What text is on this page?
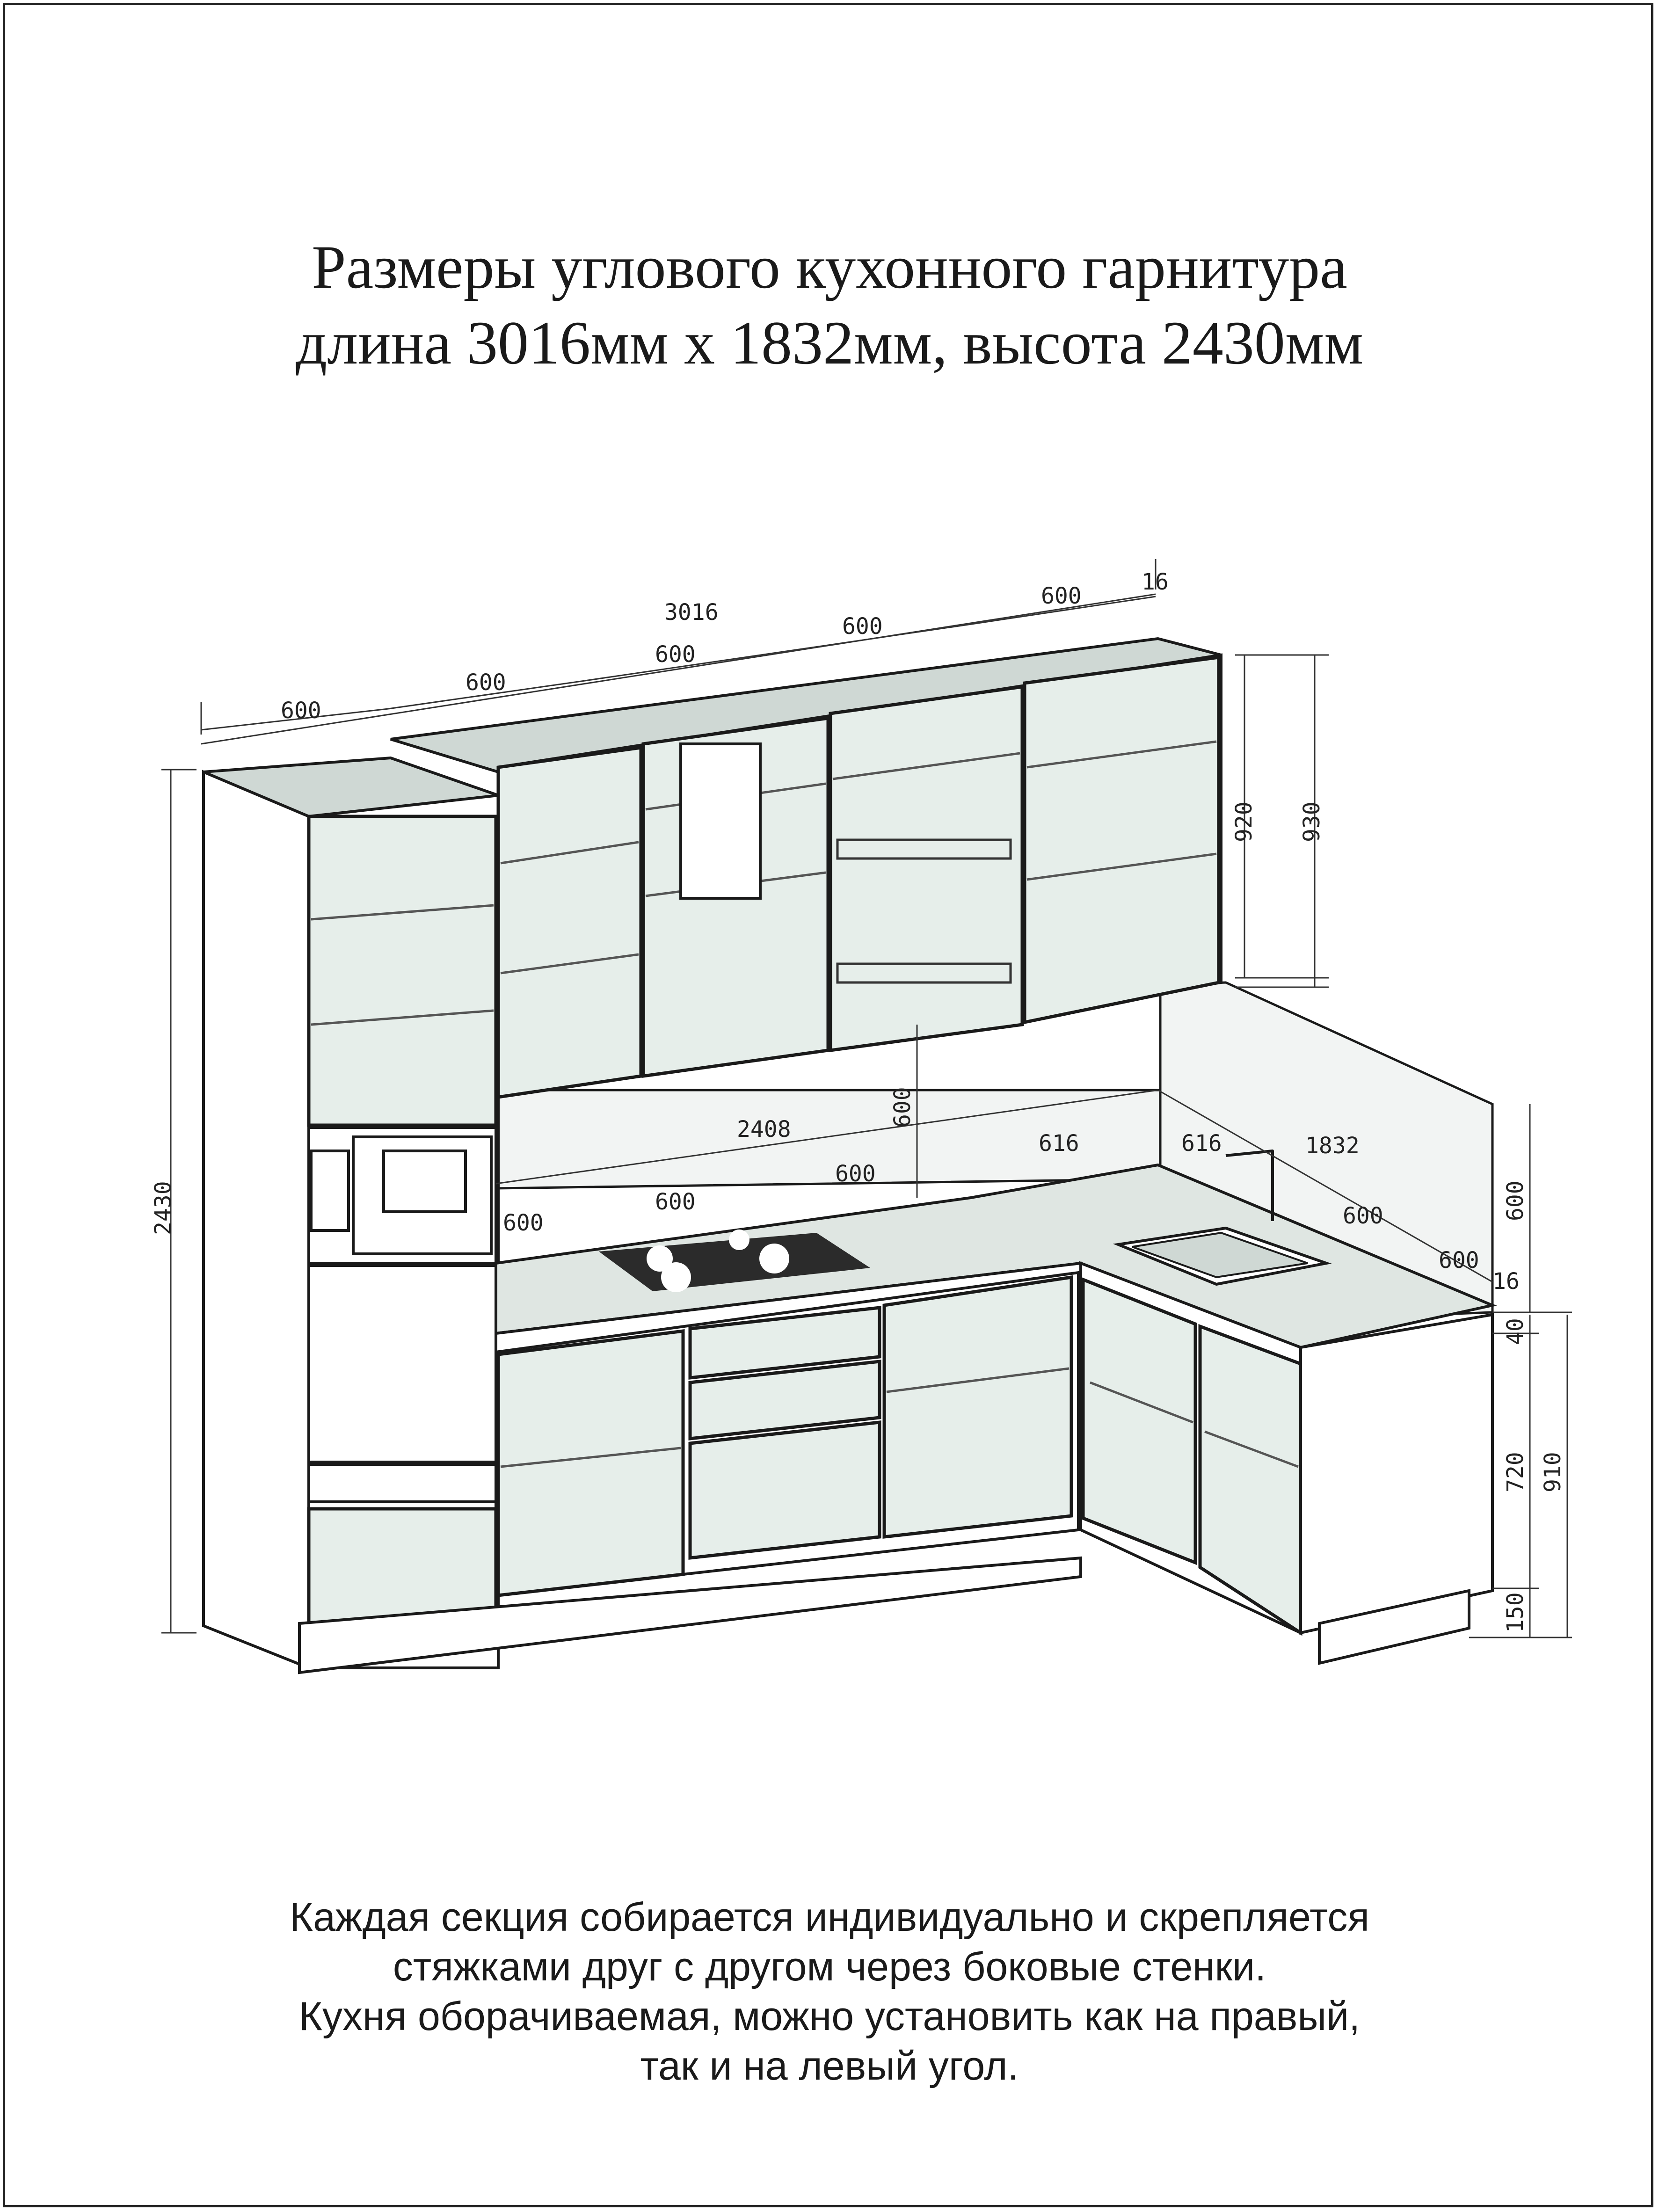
Размеры углового кухонного гарнитура
длина 3016мм х 1832мм, высота 2430мм
3016
600
600
600
600
600
16
920 930
2430
600
2408
600
600
600
616	616	1832
600
600
16
600
40
720 910
150
Каждая секция собирается индивидуально и скрепляется
стяжками друг с другом через боковые стенки.
Кухня оборачиваемая, можно установить как на правый,
так и на левый угол.
